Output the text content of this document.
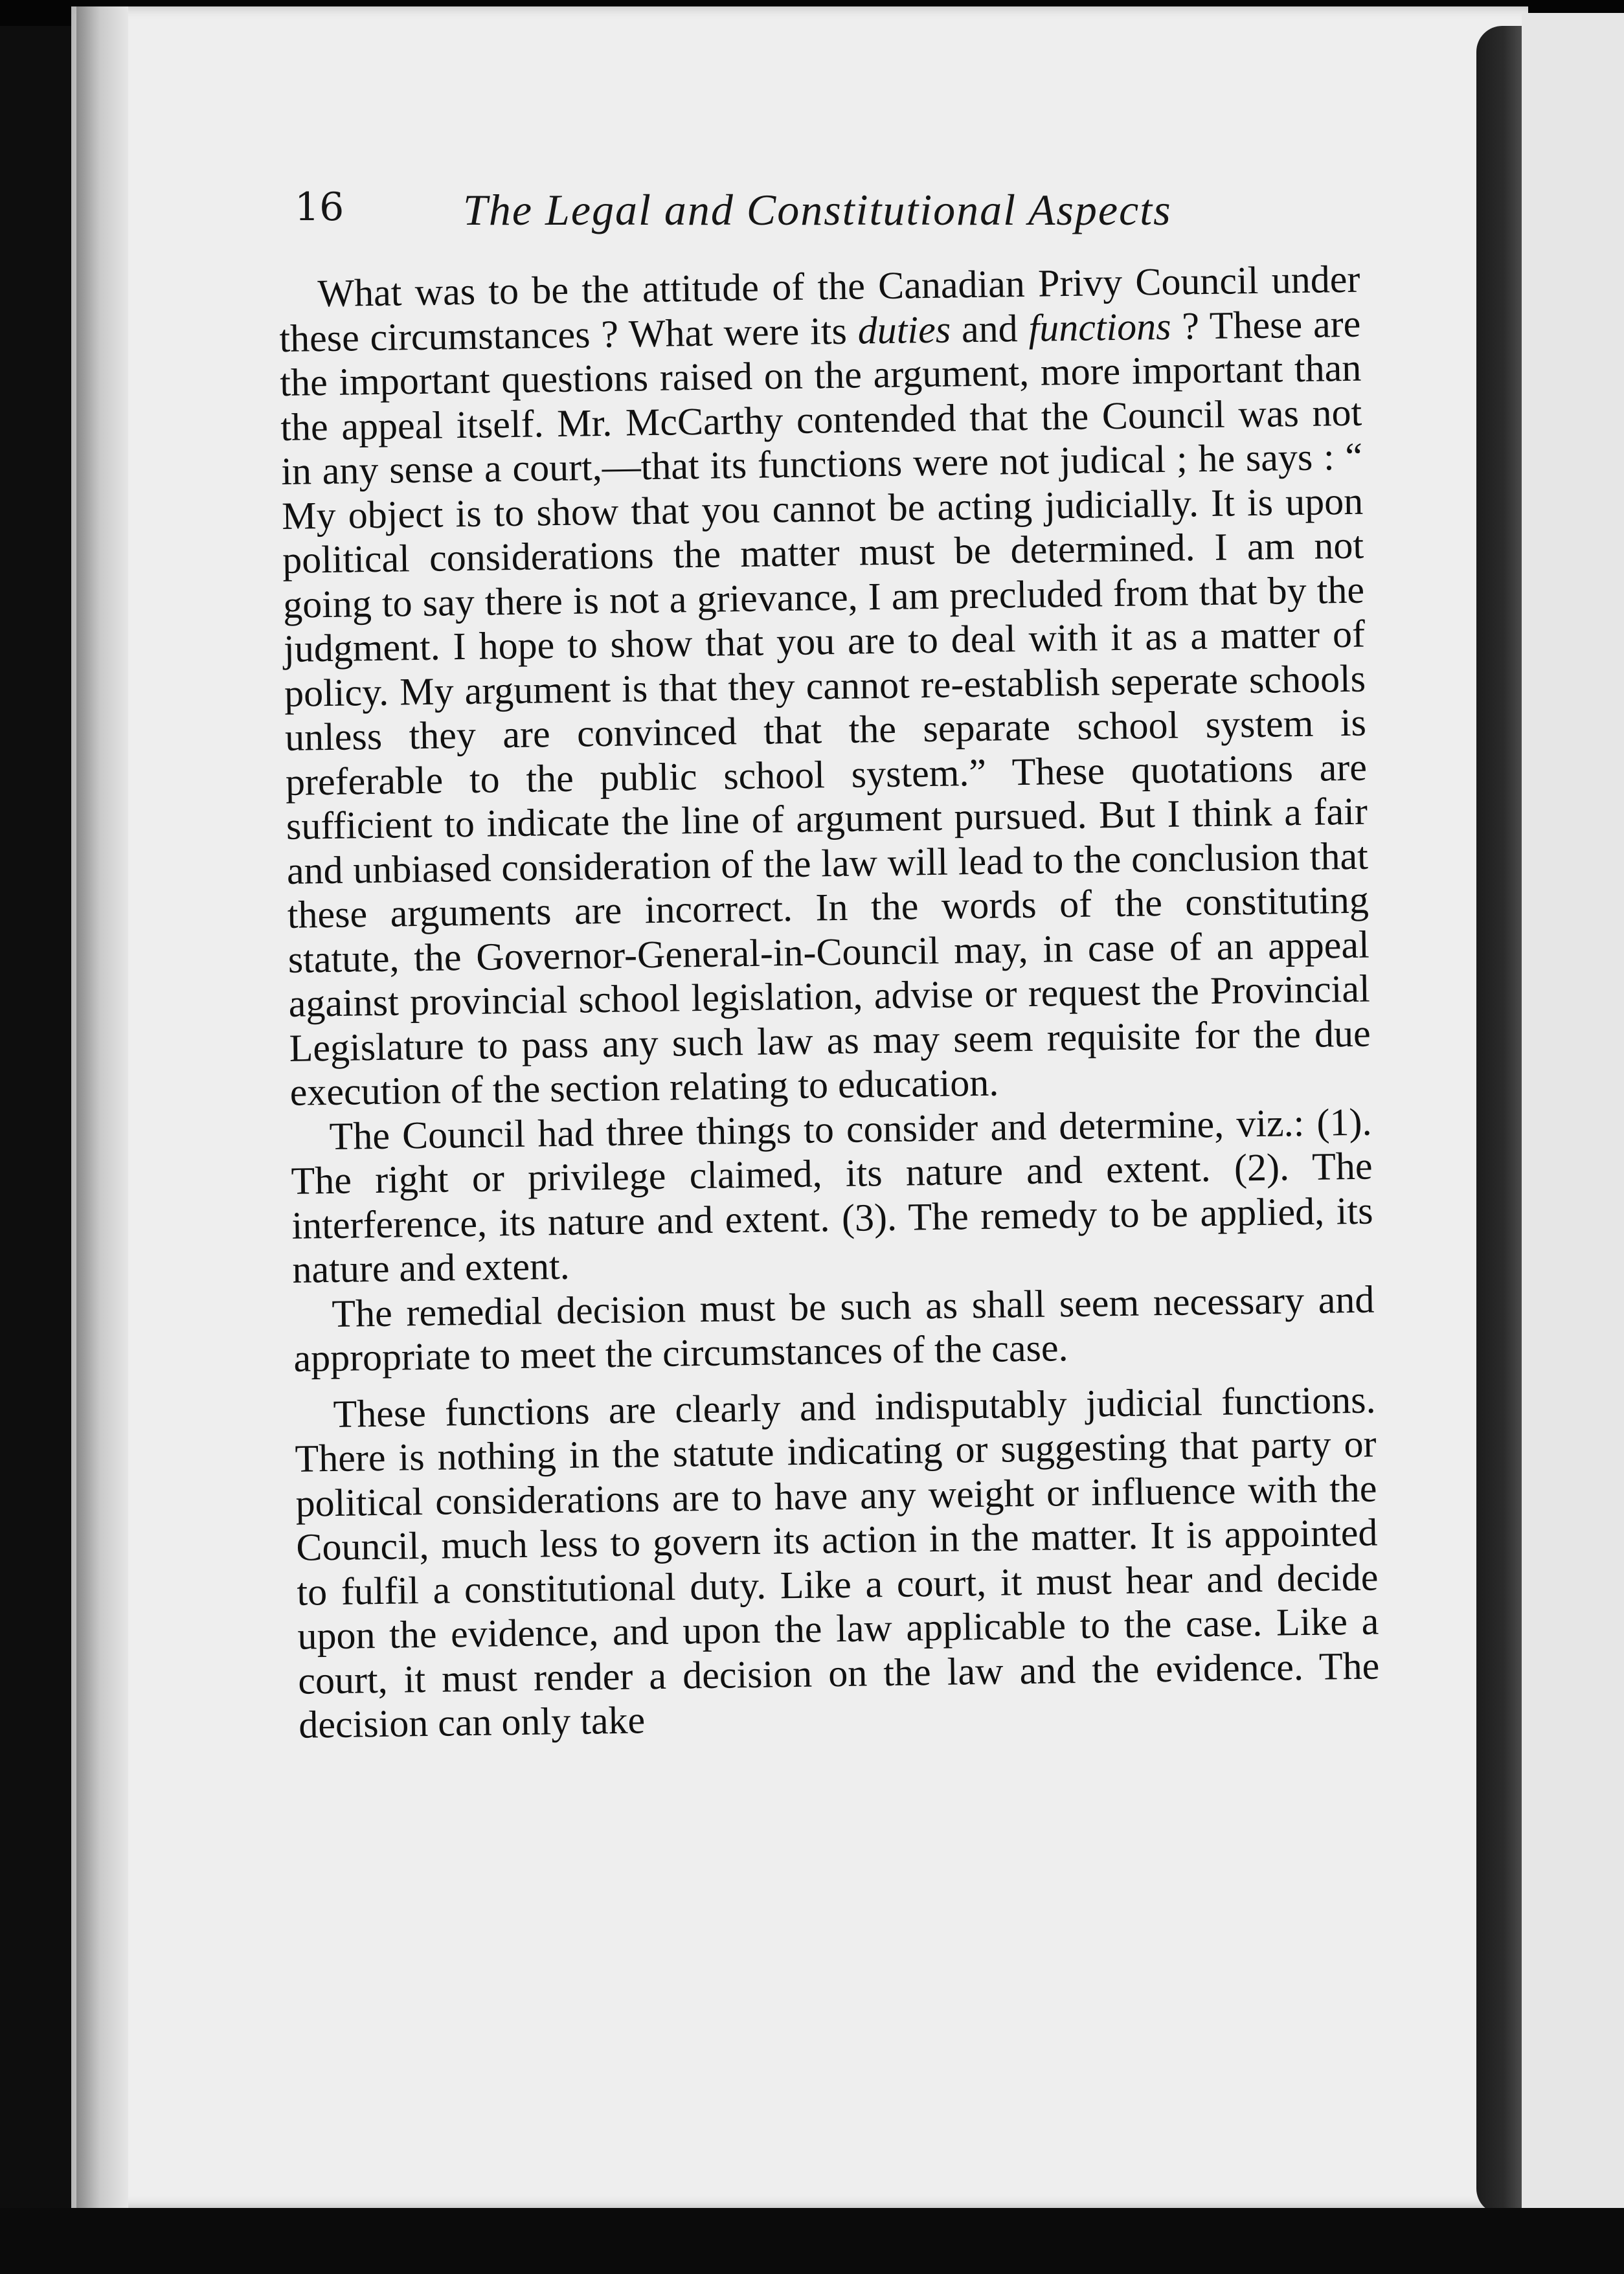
16	The Legal and Constitutional Aspects

What was to be the attitude of the Canadian Privy Council under these circumstances ? What were its duties and functions ? These are the important questions raised on the argument, more important than the appeal itself. Mr. McCarthy contended that the Council was not in any sense a court,—that its functions were not judical ; he says : “ My object is to show that you cannot be acting judicially. It is upon political considerations the matter must be determined. I am not going to say there is not a grievance, I am precluded from that by the judgment. I hope to show that you are to deal with it as a matter of policy. My argument is that they cannot re-establish seperate schools unless they are convinced that the separate school system is preferable to the public school system.” These quotations are sufficient to indicate the line of argument pursued. But I think a fair and unbiased consideration of the law will lead to the conclusion that these arguments are incorrect. In the words of the constituting statute, the Governor-General-in-Council may, in case of an appeal against provincial school legislation, advise or request the Provincial Legislature to pass any such law as may seem requisite for the due execution of the section relating to education.

The Council had three things to consider and determine, viz.: (1). The right or privilege claimed, its nature and extent. (2). The interference, its nature and extent. (3). The remedy to be applied, its nature and extent.

The remedial decision must be such as shall seem necessary and appropriate to meet the circumstances of the case.

These functions are clearly and indisputably judicial functions. There is nothing in the statute indicating or suggesting that party or political considerations are to have any weight or influence with the Council, much less to govern its action in the matter. It is appointed to fulfil a constitutional duty. Like a court, it must hear and decide upon the evidence, and upon the law applicable to the case. Like a court, it must render a decision on the law and the evidence. The decision can only take
